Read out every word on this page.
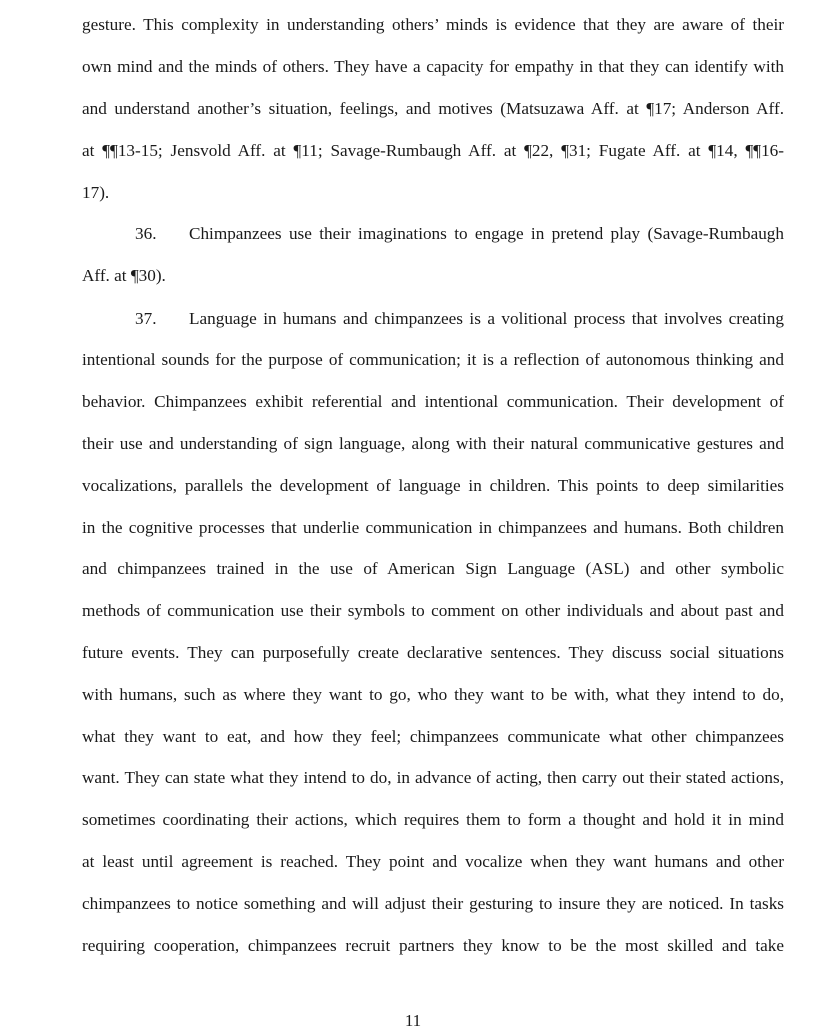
gesture. This complexity in understanding others’ minds is evidence that they are aware of their
own mind and the minds of others. They have a capacity for empathy in that they can identify with
and understand another’s situation, feelings, and motives (Matsuzawa Aff. at ¶17; Anderson Aff.
at ¶¶13-15; Jensvold Aff. at ¶11; Savage-Rumbaugh Aff. at ¶22, ¶31; Fugate Aff. at ¶14, ¶¶16-
17).
36. Chimpanzees use their imaginations to engage in pretend play (Savage-Rumbaugh
Aff. at ¶30).
37. Language in humans and chimpanzees is a volitional process that involves creating
intentional sounds for the purpose of communication; it is a reflection of autonomous thinking and
behavior. Chimpanzees exhibit referential and intentional communication. Their development of
their use and understanding of sign language, along with their natural communicative gestures and
vocalizations, parallels the development of language in children. This points to deep similarities
in the cognitive processes that underlie communication in chimpanzees and humans. Both children
and chimpanzees trained in the use of American Sign Language (ASL) and other symbolic
methods of communication use their symbols to comment on other individuals and about past and
future events. They can purposefully create declarative sentences. They discuss social situations
with humans, such as where they want to go, who they want to be with, what they intend to do,
what they want to eat, and how they feel; chimpanzees communicate what other chimpanzees
want. They can state what they intend to do, in advance of acting, then carry out their stated actions,
sometimes coordinating their actions, which requires them to form a thought and hold it in mind
at least until agreement is reached. They point and vocalize when they want humans and other
chimpanzees to notice something and will adjust their gesturing to insure they are noticed. In tasks
requiring cooperation, chimpanzees recruit partners they know to be the most skilled and take
11
